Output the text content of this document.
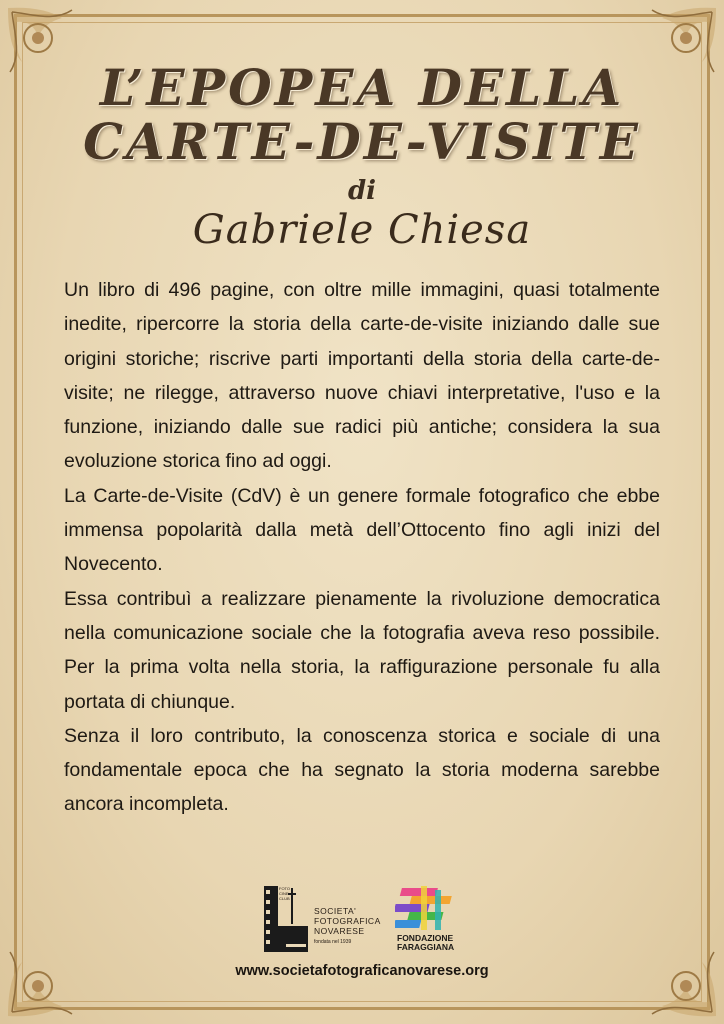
L’EPOPEA DELLA
CARTE-DE-VISITE
di
Gabriele Chiesa

Un libro di 496 pagine, con oltre mille immagini, quasi totalmente inedite, ripercorre la storia della carte-de-visite iniziando dalle sue origini storiche; riscrive parti importanti della storia della carte-de-visite; ne rilegge, attraverso nuove chiavi interpretative, l'uso e la funzione, iniziando dalle sue radici più antiche; considera la sua evoluzione storica fino ad oggi.

La Carte-de-Visite (CdV) è un genere formale fotografico che ebbe immensa popolarità dalla metà dell’Ottocento fino agli inizi del Novecento.

Essa contribuì a realizzare pienamente la rivoluzione democratica nella comunicazione sociale che la fotografia aveva reso possibile. Per la prima volta nella storia, la raffigurazione personale fu alla portata di chiunque.

Senza il loro contributo, la conoscenza storica e sociale di una fondamentale epoca che ha segnato la storia moderna sarebbe ancora incompleta.

FOTO CINE CLUB
SOCIETA'
FOTOGRAFICA
NOVARESE
fondata nel 1939	FONDAZIONE
FARAGGIANA
www.societafotograficanovarese.org
